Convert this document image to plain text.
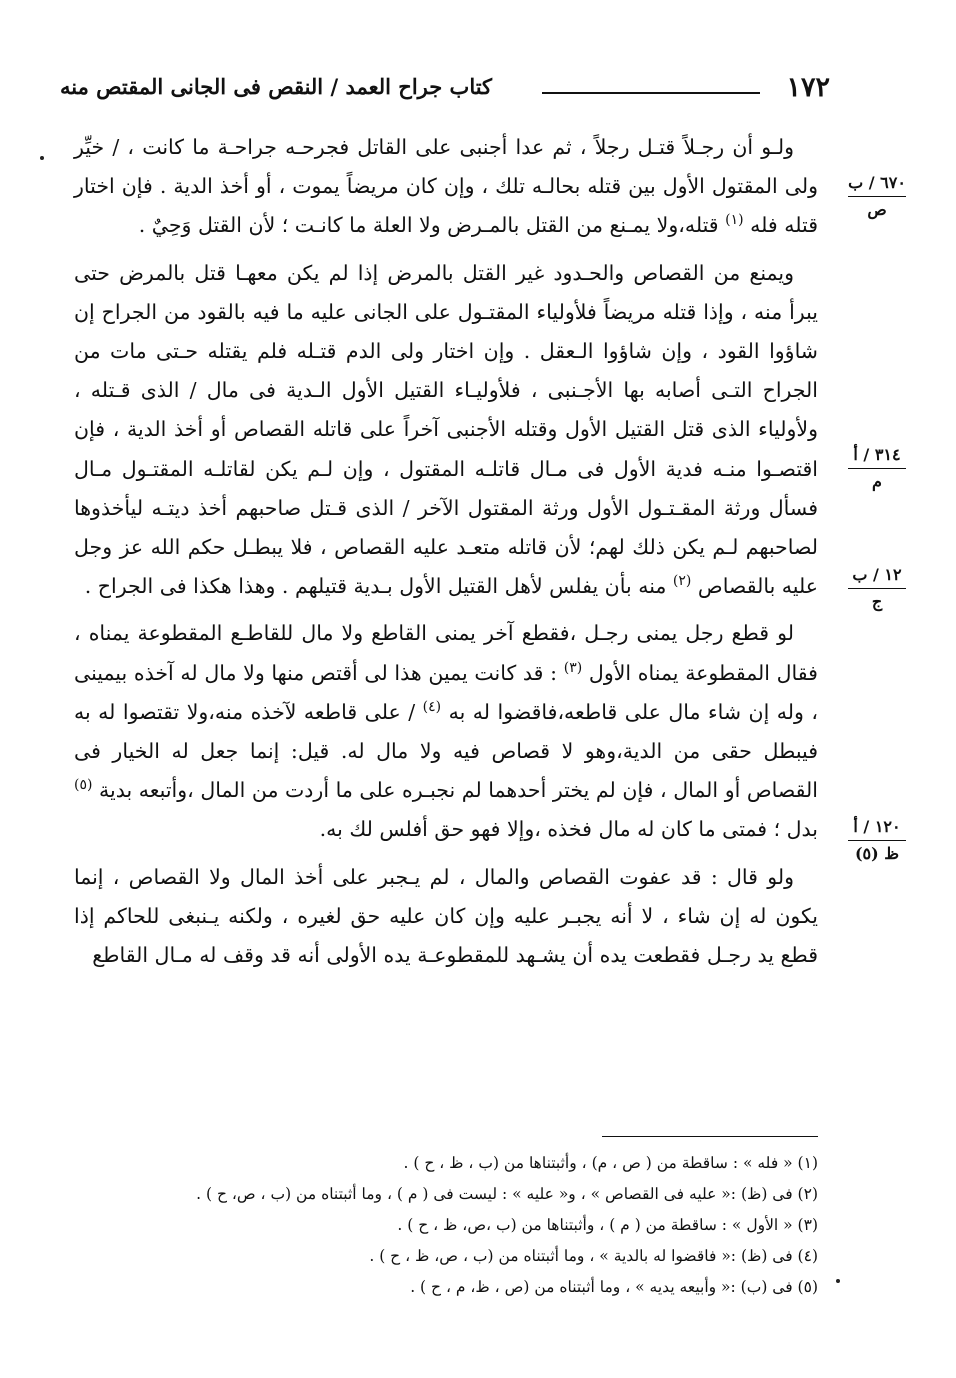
١٧٢
كتاب جراح العمد / النقص فى الجانى المقتص منه
٦٧٠ / ب
ص
٣١٤ / أ
م
١٢ / ب
ج
١٢٠ / أ
ظ (٥)

ولـو أن رجـلاً قتـل رجلاً ، ثم عدا أجنبى على القاتل فجرحـه جراحـة ما كانت ، / خيِّر ولى المقتول الأول بين قتله بحالـه تلك ، وإن كان مريضاً يموت ، أو أخذ الدية . فإن اختار قتله فله $^{(١)}$ قتله،ولا يمـنع من القتل بالمـرض ولا العلة ما كانـت ؛ لأن القتل وَحِيٌ .

ويمنع من القصاص والحـدود غير القتل بالمرض إذا لم يكن معهـا قتل بالمرض حتى يبرأ منه ، وإذا قتله مريضاً فلأولياء المقتـول على الجانى عليه ما فيه بالقود من الجراح إن شاؤوا القود ، وإن شاؤوا الـعقل . وإن اختار ولى الدم قتـله فلم يقتله حـتى مات من الجراح التـى أصابه بها الأجـنبى ، فلأوليـاء القتيل الأول الـدية فى مال / الذى قـتله ، ولأولياء الذى قتل القتيل الأول وقتله الأجنبى آخراً على قاتله القصاص أو أخذ الدية ، فإن اقتصـوا منـه فدية الأول فى مـال قاتلـه المقتول ، وإن لـم يكن لقاتلـه المقتـول مـال فسأل ورثة المقـتـول الأول ورثة المقتول الآخر / الذى قـتل صاحبهم أخذ ديتـه ليأخذوها لصاحبهم لـم يكن ذلك لهم؛ لأن قاتله متعـد عليه القصاص ، فلا يبطـل حكم الله عز وجل عليه بالقصاص $^{(٢)}$ منه بأن يفلس لأهل القتيل الأول بـدية قتيلهم . وهذا هكذا فى الجراح .

لو قطع رجل يمنى رجـل ،فقطع آخر يمنى القاطع ولا مال للقاطـع المقطوعة يمناه ، فقال المقطوعة يمناه الأول $^{(٣)}$ : قد كانت يمين هذا لى أقتص منها ولا مال له آخذه بيمينى ، وله إن شاء مال على قاطعه،فاقضوا له به $^{(٤)}$ / على قاطعه لآخذه منه،ولا تقتصوا له به فيبطل حقى من الدية،وهو لا قصاص فيه ولا مال له. قيل: إنما جعل له الخيار فى القصاص أو المال ، فإن لم يختر أحدهما لم نجبـره على ما أردت من المال ،وأتبعه بدية $^{(٥)}$ بدل ؛ فمتى ما كان له مال فخذه ،وإلا فهو حق أفلس لك به.

ولو قال : قد عفوت القصاص والمال ، لم يـجبر على أخذ المال ولا القصاص ، إنما يكون له إن شاء ، لا أنه يجبـر عليه وإن كان عليه حق لغيره ، ولكنه يـنبغى للحاكم إذا قطع يد رجـل فقطعت يده أن يشـهد للمقطوعـة يده الأولى أنه قد وقف له مـال القاطع

(١) « فله » : ساقطة من ( ص ، م) ، وأثبتناها من (ب ، ظ ، ح ) .
(٢) فى (ظ) :« عليه فى القصاص » ، و« عليه » : ليست فى ( م ) ، وما أثبتناه من (ب ، ص، ح ) .
(٣) « الأول » : ساقطة من ( م ) ، وأثبتناها من (ب ،ص، ظ ، ح ) .
(٤) فى (ظ) :« فاقضوا له بالدية » ، وما أثبتناه من (ب ، ص، ظ ، ح ) .
(٥) فى (ب) :« وأبيعه يديه » ، وما أثبتناه من (ص ، ظ، م ، ح ) .
